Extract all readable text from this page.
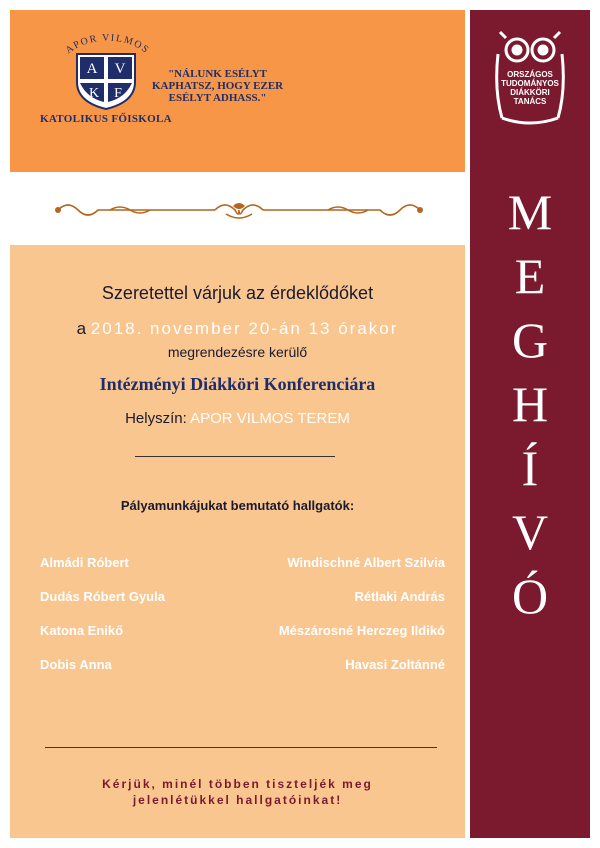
APOR VILMOS
A V
K F
KATOLIKUS FŐISKOLA
"NÁLUNK ESÉLYT
KAPHATSZ, HOGY EZER
ESÉLYT ADHASS."
ORSZÁGOS
TUDOMÁNYOS
DIÁKKÖRI
TANÁCS
M
E
G
H
Í
V
Ó
Szeretettel várjuk az érdeklődőket
a 2018. november 20-án 13 órakor
megrendezésre kerülő
Intézményi Diákköri Konferenciára
Helyszín: APOR VILMOS TEREM
Pályamunkájukat bemutató hallgatók:
Almádi Róbert
Dudás Róbert Gyula
Katona Enikő
Dobis Anna
Windischné Albert Szilvia
Rétlaki András
Mészárosné Herczeg Ildikó
Havasi Zoltánné
Kérjük, minél többen tiszteljék meg
jelenlétükkel hallgatóinkat!
